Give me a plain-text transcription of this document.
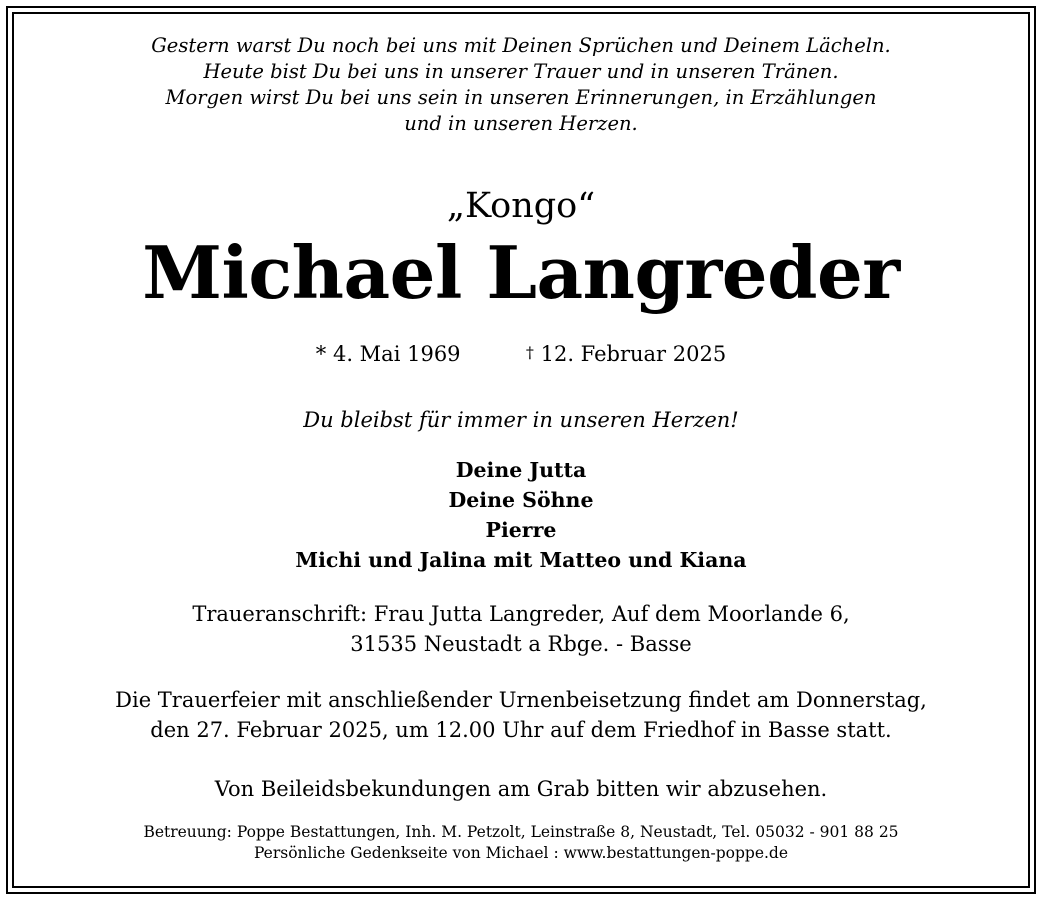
Gestern warst Du noch bei uns mit Deinen Sprüchen und Deinem Lächeln.
Heute bist Du bei uns in unserer Trauer und in unseren Tränen.
Morgen wirst Du bei uns sein in unseren Erinnerungen, in Erzählungen
und in unseren Herzen.
„Kongo“
Michael Langreder
* 4. Mai 1969	† 12. Februar 2025
Du bleibst für immer in unseren Herzen!
Deine Jutta
Deine Söhne
Pierre
Michi und Jalina mit Matteo und Kiana
Traueranschrift: Frau Jutta Langreder, Auf dem Moorlande 6,
31535 Neustadt a Rbge. - Basse
Die Trauerfeier mit anschließender Urnenbeisetzung findet am Donnerstag,
den 27. Februar 2025, um 12.00 Uhr auf dem Friedhof in Basse statt.
Von Beileidsbekundungen am Grab bitten wir abzusehen.
Betreuung: Poppe Bestattungen, Inh. M. Petzolt, Leinstraße 8, Neustadt, Tel. 05032 - 901 88 25
Persönliche Gedenkseite von Michael : www.bestattungen-poppe.de
